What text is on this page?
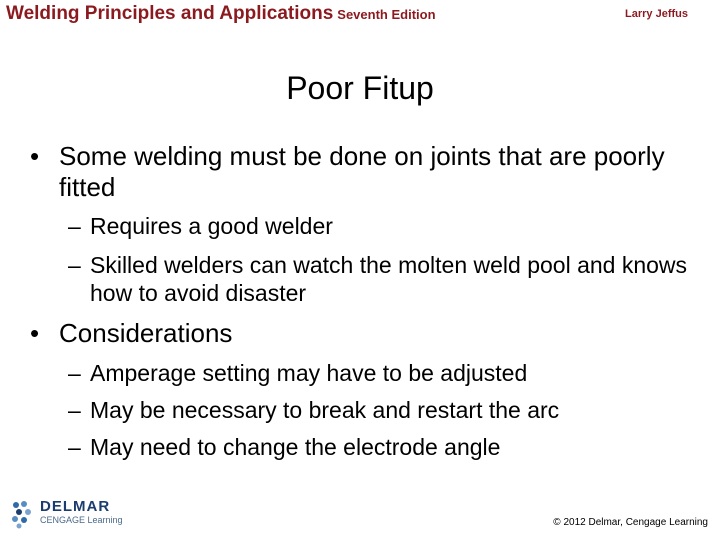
Welding Principles and Applications Seventh Edition	Larry Jeffus
Poor Fitup
• Some welding must be done on joints that are poorly fitted
– Requires a good welder
– Skilled welders can watch the molten weld pool and knows how to avoid disaster
• Considerations
– Amperage setting may have to be adjusted
– May be necessary to break and restart the arc
– May need to change the electrode angle
DELMAR
CENGAGE Learning	© 2012 Delmar, Cengage Learning
